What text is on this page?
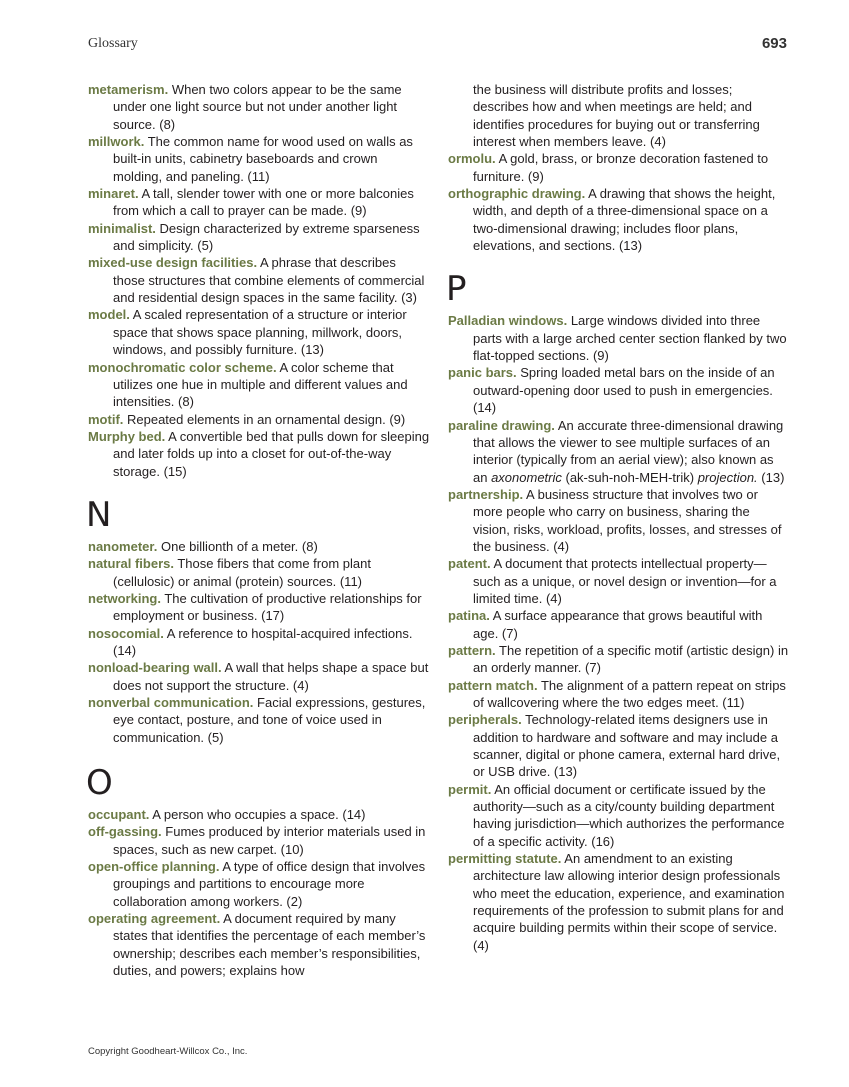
Glossary	693

metamerism. When two colors appear to be the same under one light source but not under another light source. (8)

millwork. The common name for wood used on walls as built-in units, cabinetry baseboards and crown molding, and paneling. (11)

minaret. A tall, slender tower with one or more balconies from which a call to prayer can be made. (9)

minimalist. Design characterized by extreme sparseness and simplicity. (5)

mixed-use design facilities. A phrase that describes those structures that combine elements of commercial and residential design spaces in the same facility. (3)

model. A scaled representation of a structure or interior space that shows space planning, millwork, doors, windows, and possibly furniture. (13)

monochromatic color scheme. A color scheme that utilizes one hue in multiple and different values and intensities. (8)

motif. Repeated elements in an ornamental design. (9)

Murphy bed. A convertible bed that pulls down for sleeping and later folds up into a closet for out-of-the-way storage. (15)

N

nanometer. One billionth of a meter. (8)

natural fibers. Those fibers that come from plant (cellulosic) or animal (protein) sources. (11)

networking. The cultivation of productive relationships for employment or business. (17)

nosocomial. A reference to hospital-acquired infections. (14)

nonload-bearing wall. A wall that helps shape a space but does not support the structure. (4)

nonverbal communication. Facial expressions, gestures, eye contact, posture, and tone of voice used in communication. (5)

O

occupant. A person who occupies a space. (14)

off-gassing. Fumes produced by interior materials used in spaces, such as new carpet. (10)

open-office planning. A type of office design that involves groupings and partitions to encourage more collaboration among workers. (2)

operating agreement. A document required by many states that identifies the percentage of each member’s ownership; describes each member’s responsibilities, duties, and powers; explains how

the business will distribute profits and losses; describes how and when meetings are held; and identifies procedures for buying out or transferring interest when members leave. (4)

ormolu. A gold, brass, or bronze decoration fastened to furniture. (9)

orthographic drawing. A drawing that shows the height, width, and depth of a three-dimensional space on a two-dimensional drawing; includes floor plans, elevations, and sections. (13)

P

Palladian windows. Large windows divided into three parts with a large arched center section flanked by two flat-topped sections. (9)

panic bars. Spring loaded metal bars on the inside of an outward-opening door used to push in emergencies. (14)

paraline drawing. An accurate three-dimensional drawing that allows the viewer to see multiple surfaces of an interior (typically from an aerial view); also known as an axonometric (ak-suh-noh-MEH-trik) projection. (13)

partnership. A business structure that involves two or more people who carry on business, sharing the vision, risks, workload, profits, losses, and stresses of the business. (4)

patent. A document that protects intellectual property—such as a unique, or novel design or invention—for a limited time. (4)

patina. A surface appearance that grows beautiful with age. (7)

pattern. The repetition of a specific motif (artistic design) in an orderly manner. (7)

pattern match. The alignment of a pattern repeat on strips of wallcovering where the two edges meet. (11)

peripherals. Technology-related items designers use in addition to hardware and software and may include a scanner, digital or phone camera, external hard drive, or USB drive. (13)

permit. An official document or certificate issued by the authority—such as a city/county building department having jurisdiction—which authorizes the performance of a specific activity. (16)

permitting statute. An amendment to an existing architecture law allowing interior design professionals who meet the education, experience, and examination requirements of the profession to submit plans for and acquire building permits within their scope of service. (4)

Copyright Goodheart-Willcox Co., Inc.
